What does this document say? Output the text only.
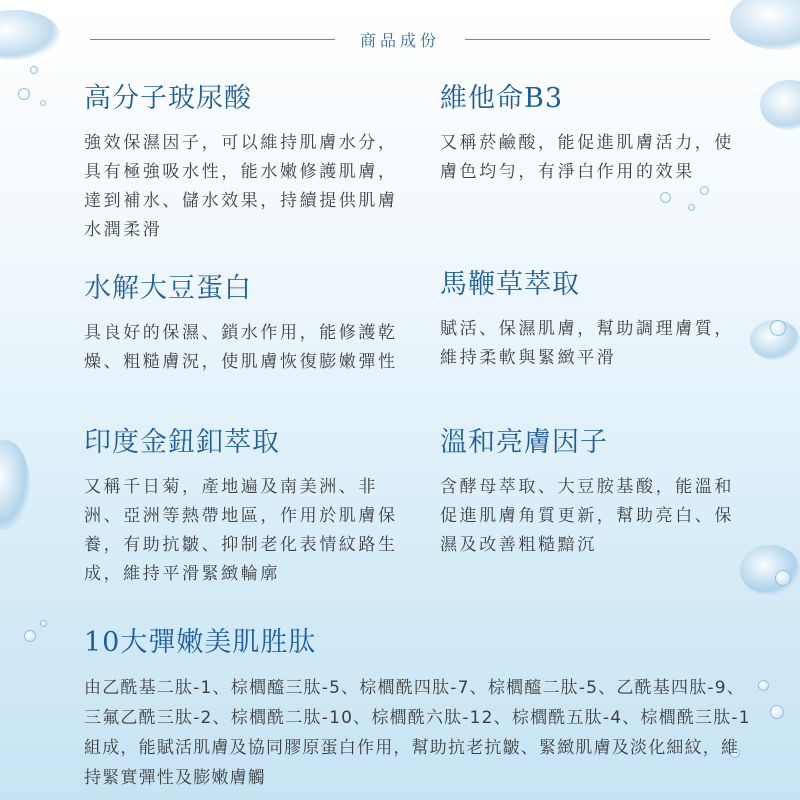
商品成份
高分子玻尿酸

強效保濕因子，可以維持肌膚水分，具有極強吸水性，能水嫩修護肌膚，達到補水、儲水效果，持續提供肌膚水潤柔滑

維他命B3

又稱菸鹼酸，能促進肌膚活力，使膚色均勻，有淨白作用的效果

水解大豆蛋白

具良好的保濕、鎖水作用，能修護乾燥、粗糙膚況，使肌膚恢復膨嫩彈性

馬鞭草萃取

賦活、保濕肌膚，幫助調理膚質，維持柔軟與緊緻平滑

印度金鈕釦萃取

又稱千日菊，產地遍及南美洲、非洲、亞洲等熱帶地區，作用於肌膚保養，有助抗皺、抑制老化表情紋路生成，維持平滑緊緻輪廓

溫和亮膚因子

含酵母萃取、大豆胺基酸，能溫和促進肌膚角質更新，幫助亮白、保濕及改善粗糙黯沉

10大彈嫩美肌胜肽

由乙酰基二肽-1、棕櫚醯三肽-5、棕櫚酰四肽-7、棕櫚醯二肽-5、乙酰基四肽-9、三氟乙酰三肽-2、棕櫚酰二肽-10、棕櫚酰六肽-12、棕櫚酰五肽-4、棕櫚酰三肽-1組成，能賦活肌膚及協同膠原蛋白作用，幫助抗老抗皺、緊緻肌膚及淡化細紋，維持緊實彈性及膨嫩膚觸
